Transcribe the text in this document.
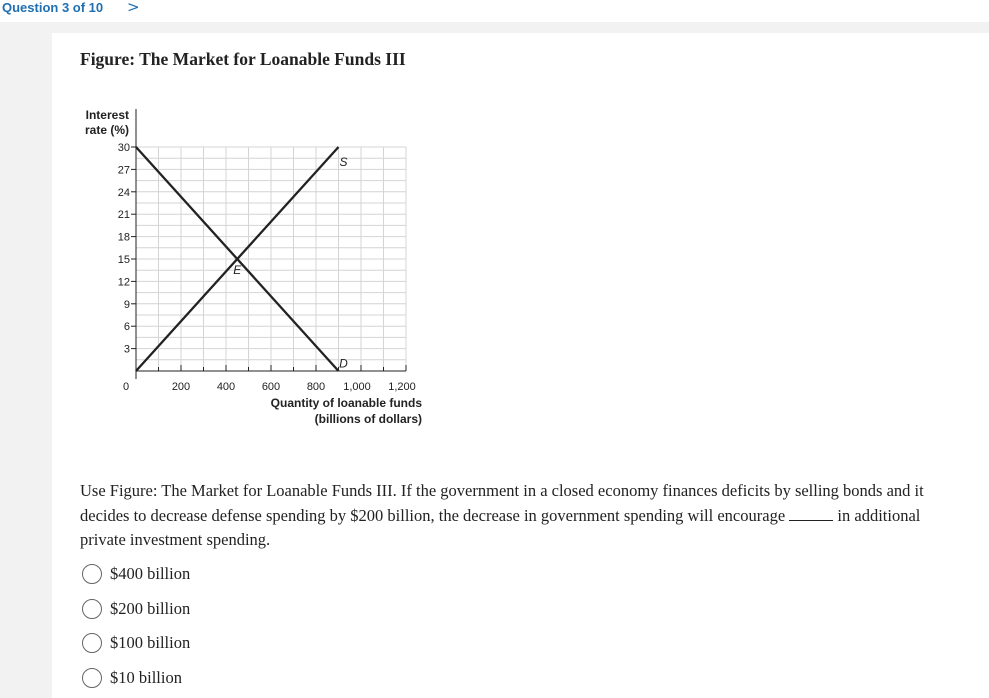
Question 3 of 10 >
Figure: The Market for Loanable Funds III
3
6
9
12
15
18
21
24
27
30
200 400 600 800 1,000 1,200
0
Interest
rate (%)
Quantity of loanable funds
(billions of dollars)
S
D
E
Use Figure: The Market for Loanable Funds III. If the government in a closed economy finances deficits by selling bonds and it decides to decrease defense spending by $200 billion, the decrease in government spending will encourage	in additional private investment spending.
$400 billion
$200 billion
$100 billion
$10 billion
